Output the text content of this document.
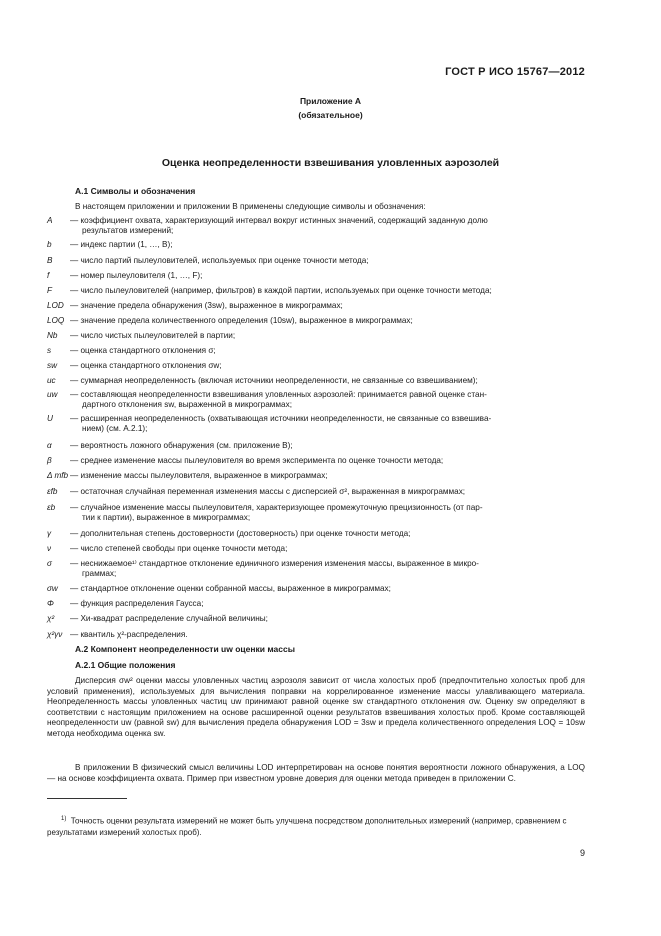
ГОСТ Р ИСО 15767—2012
Приложение А
(обязательное)
Оценка неопределенности взвешивания уловленных аэрозолей
А.1 Символы и обозначения
В настоящем приложении и приложении В применены следующие символы и обозначения:
A — коэффициент охвата, характеризующий интервал вокруг истинных значений, содержащий заданную долю
результатов измерений;
b — индекс партии (1, …, B);
B — число партий пылеуловителей, используемых при оценке точности метода;
f	— номер пылеуловителя (1, …, F);
F — число пылеуловителей (например, фильтров) в каждой партии, используемых при оценке точности метода;
LOD — значение предела обнаружения (3sw), выраженное в микрограммах;
LOQ — значение предела количественного определения (10sw), выраженное в микрограммах;
Nb — число чистых пылеуловителей в партии;
s — оценка стандартного отклонения σ;
sw — оценка стандартного отклонения σw;
uc — суммарная неопределенность (включая источники неопределенности, не связанные со взвешиванием);
uw — составляющая неопределенности взвешивания уловленных аэрозолей: принимается равной оценке стан-
дартного отклонения sw, выраженной в микрограммах;
U — расширенная неопределенность (охватывающая источники неопределенности, не связанные со взвешива-
нием) (см. А.2.1);
α — вероятность ложного обнаружения (см. приложение В);
β — среднее изменение массы пылеуловителя во время эксперимента по оценке точности метода;
Δ mfb — изменение массы пылеуловителя, выраженное в микрограммах;
εfb — остаточная случайная переменная изменения массы с дисперсией σ², выраженная в микрограммах;
εb — случайное изменение массы пылеуловителя, характеризующее промежуточную прецизионность (от пар-
тии к партии), выраженное в микрограммах;
γ — дополнительная степень достоверности (достоверность) при оценке точности метода;
ν — число степеней свободы при оценке точности метода;
σ — неснижаемое¹⁾ стандартное отклонение единичного измерения изменения массы, выраженное в микро-
граммах;
σw — стандартное отклонение оценки собранной массы, выраженное в микрограммах;
Φ — функция распределения Гаусса;
χ² — Хи-квадрат распределение случайной величины;
χ²γν — квантиль χ²-распределения.
А.2 Компонент неопределенности uw оценки массы
А.2.1 Общие положения
Дисперсия σw² оценки массы уловленных частиц аэрозоля зависит от числа холостых проб (предпочтительно холостых проб для условий применения), используемых для вычисления поправки на коррелированное изменение массы улавливающего материала. Неопределенность массы уловленных частиц uw принимают равной оценке sw стандартного отклонения σw. Оценку sw определяют в соответствии с настоящим приложением на основе расширенной оценки результатов взвешивания холостых проб. Кроме составляющей неопределенности uw (равной sw) для вычисления предела обнаружения LOD = 3sw и предела количественного определения LOQ = 10sw метода необходима оценка sw.
В приложении В физический смысл величины LOD интерпретирован на основе понятия вероятности ложного обнаружения, а LOQ — на основе коэффициента охвата. Пример при известном уровне доверия для оценки метода приведен в приложении С.
$^{1)}$ Точность оценки результата измерений не может быть улучшена посредством дополнительных измерений (например, сравнением с результатами измерений холостых проб).
9
